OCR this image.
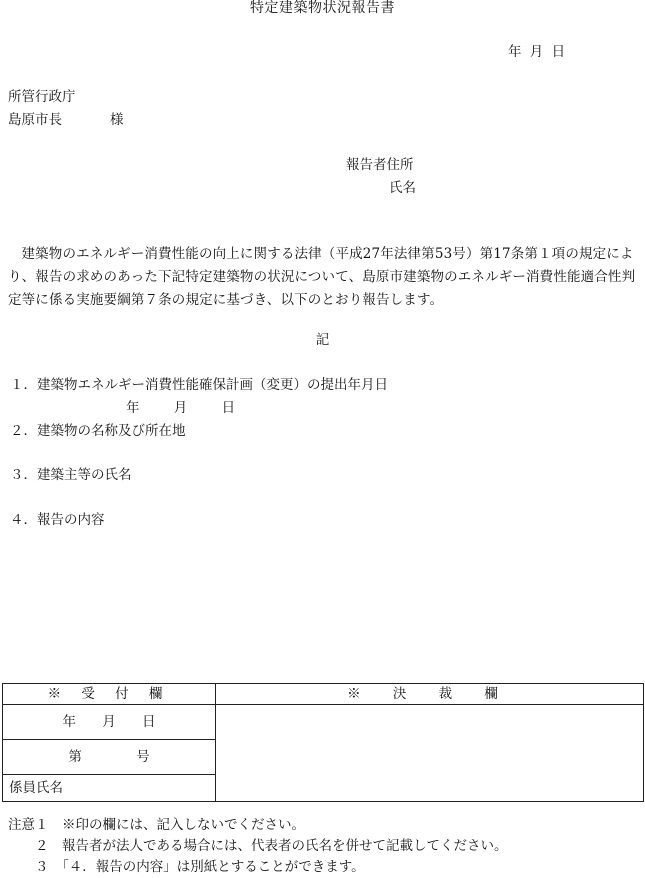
特定建築物状況報告書
年 月 日
所管行政庁
島原市長	様
報告者住所
氏名
建築物のエネルギー消費性能の向上に関する法律（平成27年法律第53号）第17条第１項の規定により、報告の求めのあった下記特定建築物の状況について、島原市建築物のエネルギー消費性能適合性判定等に係る実施要綱第７条の規定に基づき、以下のとおり報告します。
記
１．建築物エネルギー消費性能確保計画（変更）の提出年月日
年 月 日
２．建築物の名称及び所在地
３．建築主等の氏名
４．報告の内容
※ 受 付 欄	※ 決 裁 欄
年 月 日	
第 号	
係員氏名	
注意１　※印の欄には、記入しないでください。
　　２　報告者が法人である場合には、代表者の氏名を併せて記載してください。
　　３　「４．報告の内容」は別紙とすることができます。
